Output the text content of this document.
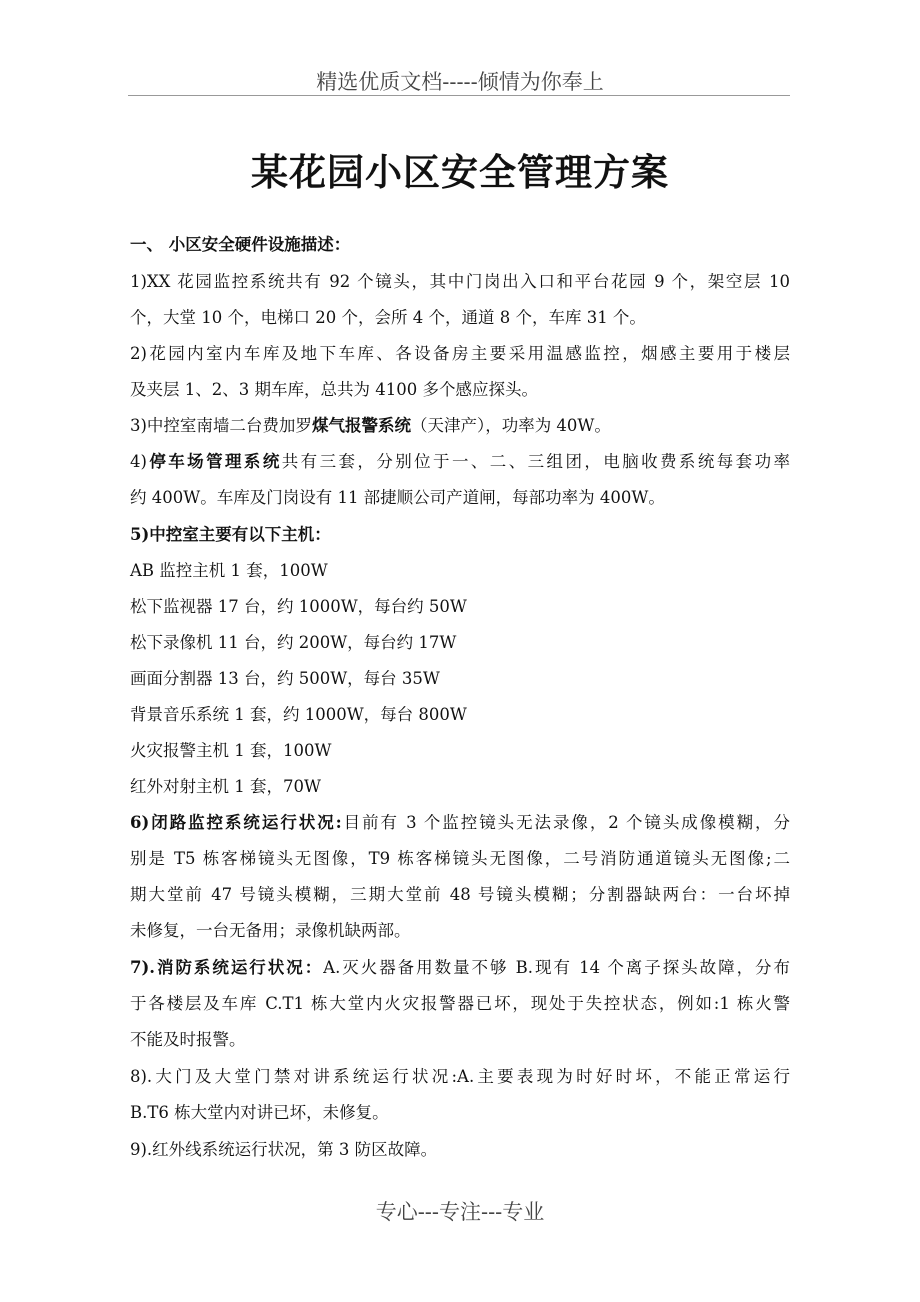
精选优质文档-----倾情为你奉上
某花园小区安全管理方案
一、 小区安全硬件设施描述：
1)XX 花园监控系统共有 92 个镜头，其中门岗出入口和平台花园 9 个，架空层 10
个，大堂 10 个，电梯口 20 个，会所 4 个，通道 8 个，车库 31 个。
2)花园内室内车库及地下车库、各设备房主要采用温感监控，烟感主要用于楼层
及夹层 1、2、3 期车库，总共为 4100 多个感应探头。
3)中控室南墙二台费加罗煤气报警系统（天津产），功率为 40W。
4)停车场管理系统共有三套，分别位于一、二、三组团，电脑收费系统每套功率
约 400W。车库及门岗设有 11 部捷顺公司产道闸，每部功率为 400W。
5)中控室主要有以下主机：
AB 监控主机 1 套，100W
松下监视器 17 台，约 1000W，每台约 50W
松下录像机 11 台，约 200W，每台约 17W
画面分割器 13 台，约 500W，每台 35W
背景音乐系统 1 套，约 1000W，每台 800W
火灾报警主机 1 套，100W
红外对射主机 1 套，70W
6)闭路监控系统运行状况:目前有 3 个监控镜头无法录像，2 个镜头成像模糊，分
别是 T5 栋客梯镜头无图像，T9 栋客梯镜头无图像，二号消防通道镜头无图像;二
期大堂前 47 号镜头模糊，三期大堂前 48 号镜头模糊；分割器缺两台：一台坏掉
未修复，一台无备用；录像机缺两部。
7).消防系统运行状况：A.灭火器备用数量不够 B.现有 14 个离子探头故障，分布
于各楼层及车库 C.T1 栋大堂内火灾报警器已坏，现处于失控状态，例如:1 栋火警
不能及时报警。
8).大门及大堂门禁对讲系统运行状况:A.主要表现为时好时坏，不能正常运行
B.T6 栋大堂内对讲已坏，未修复。
9).红外线系统运行状况，第 3 防区故障。
专心---专注---专业
